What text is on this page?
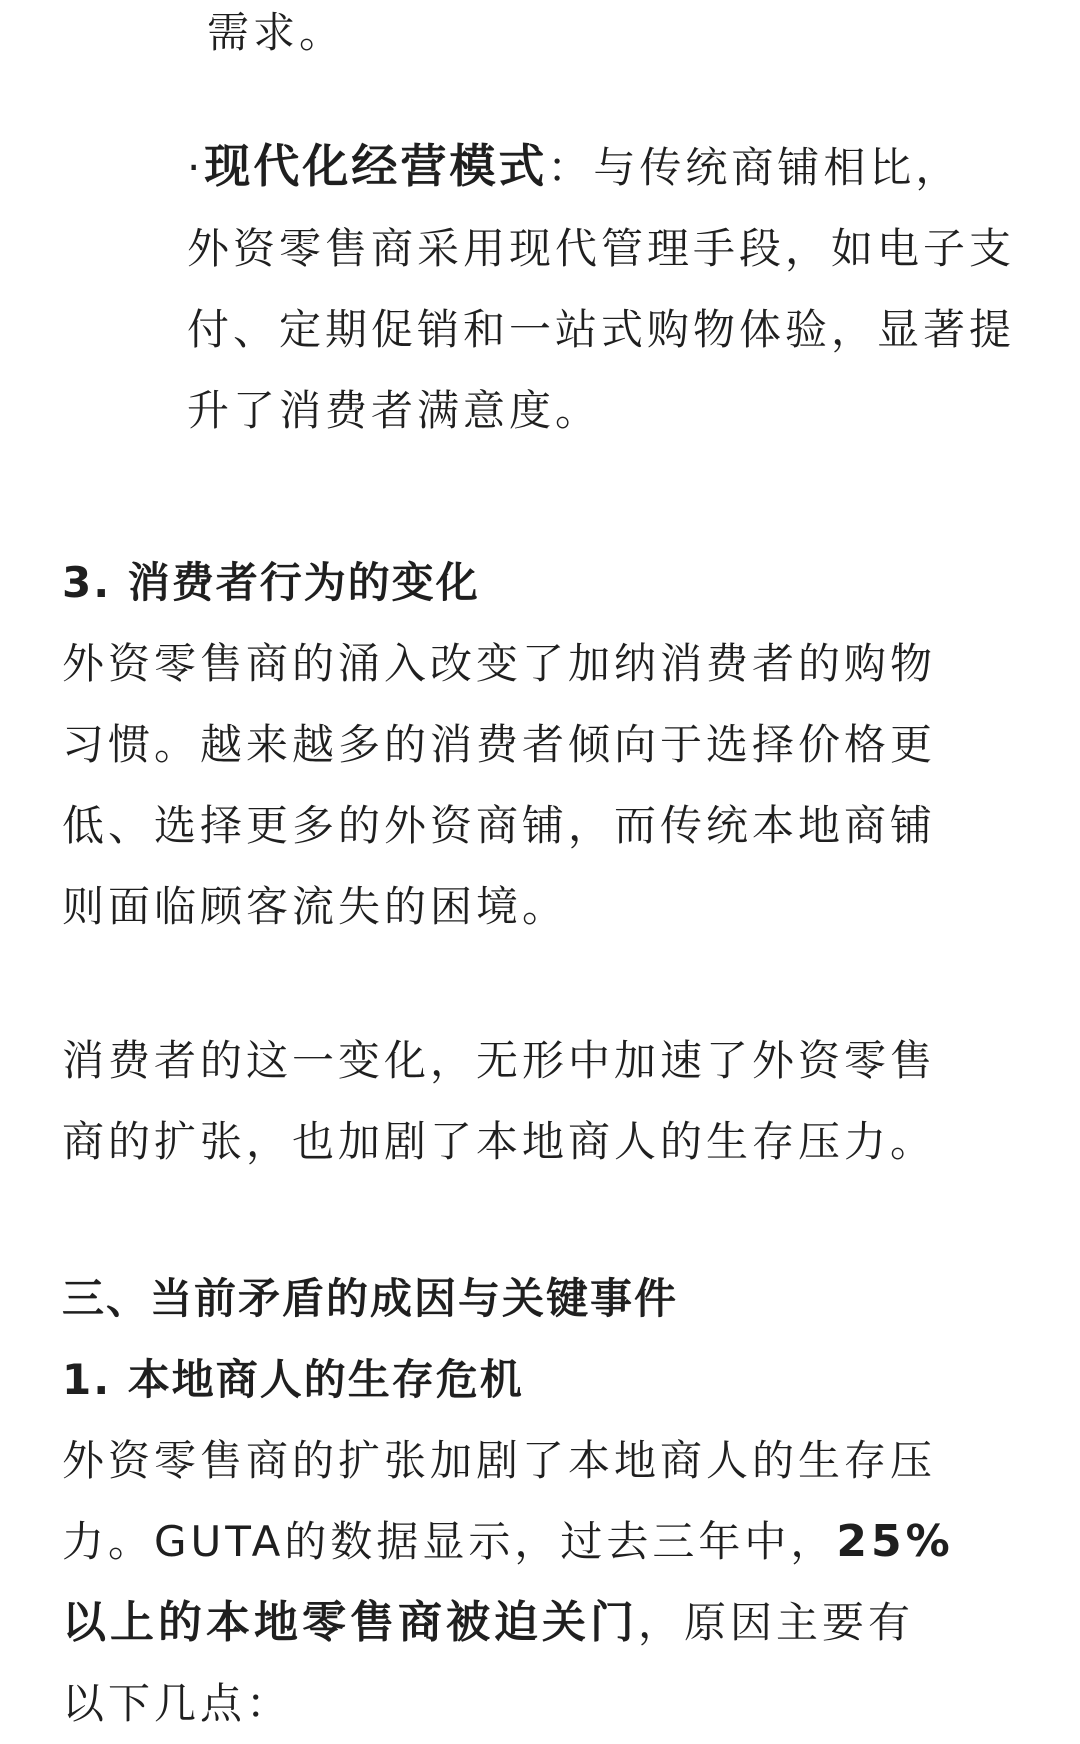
需求。
·现代化经营模式：与传统商铺相比，
外资零售商采用现代管理手段，如电子支
付、定期促销和一站式购物体验，显著提
升了消费者满意度。
3. 消费者行为的变化
外资零售商的涌入改变了加纳消费者的购物
习惯。越来越多的消费者倾向于选择价格更
低、选择更多的外资商铺，而传统本地商铺
则面临顾客流失的困境。
消费者的这一变化，无形中加速了外资零售
商的扩张，也加剧了本地商人的生存压力。
三、当前矛盾的成因与关键事件
1. 本地商人的生存危机
外资零售商的扩张加剧了本地商人的生存压
力。GUTA的数据显示，过去三年中，25%
以上的本地零售商被迫关门，原因主要有
以下几点：
